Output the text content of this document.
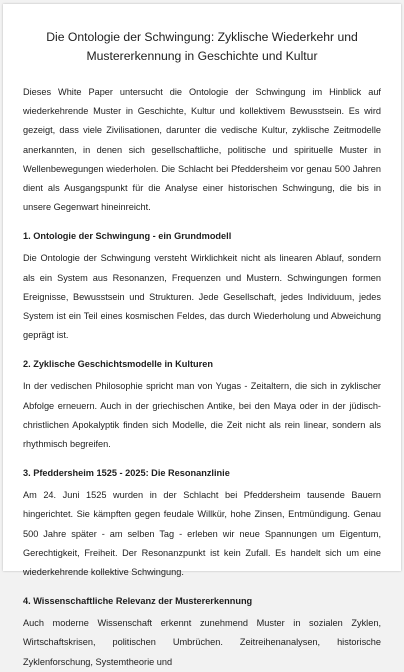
Die Ontologie der Schwingung: Zyklische Wiederkehr und Mustererkennung in Geschichte und Kultur

Dieses White Paper untersucht die Ontologie der Schwingung im Hinblick auf wiederkehrende Muster in Geschichte, Kultur und kollektivem Bewusstsein. Es wird gezeigt, dass viele Zivilisationen, darunter die vedische Kultur, zyklische Zeitmodelle anerkannten, in denen sich gesellschaftliche, politische und spirituelle Muster in Wellenbewegungen wiederholen. Die Schlacht bei Pfeddersheim vor genau 500 Jahren dient als Ausgangspunkt für die Analyse einer historischen Schwingung, die bis in unsere Gegenwart hineinreicht.

1. Ontologie der Schwingung - ein Grundmodell

Die Ontologie der Schwingung versteht Wirklichkeit nicht als linearen Ablauf, sondern als ein System aus Resonanzen, Frequenzen und Mustern. Schwingungen formen Ereignisse, Bewusstsein und Strukturen. Jede Gesellschaft, jedes Individuum, jedes System ist ein Teil eines kosmischen Feldes, das durch Wiederholung und Abweichung geprägt ist.

2. Zyklische Geschichtsmodelle in Kulturen

In der vedischen Philosophie spricht man von Yugas - Zeitaltern, die sich in zyklischer Abfolge erneuern. Auch in der griechischen Antike, bei den Maya oder in der jüdisch-christlichen Apokalyptik finden sich Modelle, die Zeit nicht als rein linear, sondern als rhythmisch begreifen.

3. Pfeddersheim 1525 - 2025: Die Resonanzlinie

Am 24. Juni 1525 wurden in der Schlacht bei Pfeddersheim tausende Bauern hingerichtet. Sie kämpften gegen feudale Willkür, hohe Zinsen, Entmündigung. Genau 500 Jahre später - am selben Tag - erleben wir neue Spannungen um Eigentum, Gerechtigkeit, Freiheit. Der Resonanzpunkt ist kein Zufall. Es handelt sich um eine wiederkehrende kollektive Schwingung.

4. Wissenschaftliche Relevanz der Mustererkennung

Auch moderne Wissenschaft erkennt zunehmend Muster in sozialen Zyklen, Wirtschaftskrisen, politischen Umbrüchen. Zeitreihenanalysen, historische Zyklenforschung, Systemtheorie und
